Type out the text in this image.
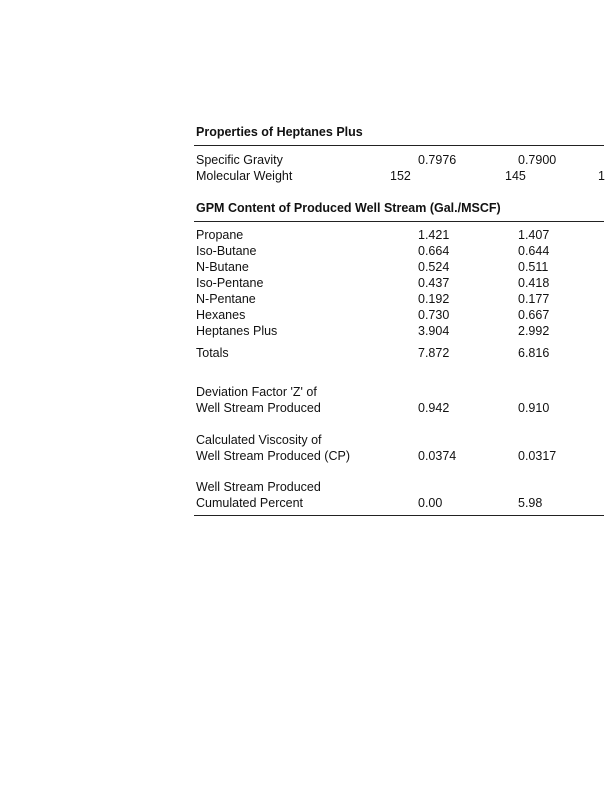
Properties of Heptanes Plus
Specific Gravity	0.7976	0.7900
Molecular Weight	152	145	1
GPM Content of Produced Well Stream (Gal./MSCF)
Propane	1.421	1.407
Iso-Butane	0.664	0.644
N-Butane	0.524	0.511
Iso-Pentane	0.437	0.418
N-Pentane	0.192	0.177
Hexanes	0.730	0.667
Heptanes Plus	3.904	2.992
Totals	7.872	6.816
Deviation Factor 'Z' of
Well Stream Produced	0.942	0.910
Calculated Viscosity of
Well Stream Produced (CP)	0.0374	0.0317
Well Stream Produced
Cumulated Percent	0.00	5.98
